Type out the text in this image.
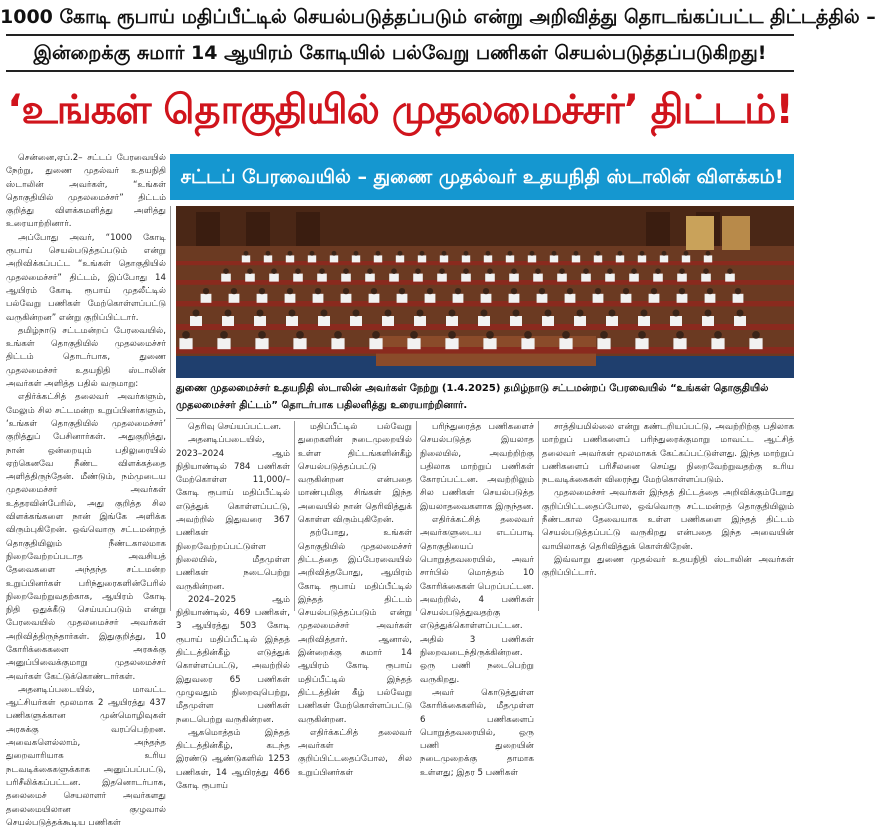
1000 கோடி ரூபாய் மதிப்பீட்டில் செயல்படுத்தப்படும் என்று அறிவித்து தொடங்கப்பட்ட திட்டத்தில் –
இன்றைக்கு சுமார் 14 ஆயிரம் கோடியில் பல்வேறு பணிகள் செயல்படுத்தப்படுகிறது!
‘உங்கள் தொகுதியில் முதலமைச்சர்’ திட்டம்!

சென்னை,ஏப்.2– சட்டப் பேரவையில் நேற்று, துணை முதல்வர் உதயநிதி ஸ்டாலின் அவர்கள், “உங்கள் தொகுதியில் முதலமைச்சர்” திட்டம் குறித்து விளக்கமளித்து அளித்து உரையாற்றினார்.

அப்போது அவர், “1000 கோடி ரூபாய் செயல்படுத்தப்படும் என்று அறிவிக்கப்பட்ட “உங்கள் தொகுதியில் முதலமைச்சர்” திட்டம், இப்போது 14 ஆயிரம் கோடி ரூபாய் முதலீட்டில் பல்வேறு பணிகள் மேற்கொள்ளப்பட்டு வருகின்றன” என்று குறிப்பிட்டார்.

தமிழ்நாடு சட்டமன்றப் பேரவையில், உங்கள் தொகுதியில் முதலமைச்சர் திட்டம் தொடர்பாக, துணை முதலமைச்சர் உதயநிதி ஸ்டாலின் அவர்கள் அளித்த பதில் வருமாறு:

எதிர்க்கட்சித் தலைவர் அவர்களும், மேலும் சில சட்டமன்ற உறுப்பினர்களும், ‘உங்கள் தொகுதியில் முதலமைச்சர்’ குறித்துப் பேசினார்கள். அதுகுறித்து, நான் ஒன்றையும் பதிலுரையில் ஏற்கெனவே நீண்ட விளக்கத்தை அளித்திருந்தேன். மீண்டும், நம்முடைய முதலமைச்சர் அவர்கள் உத்தரவின்பேரில், அது குறித்த சில விளக்கங்களை நான் இங்கே அளிக்க விரும்புகிறேன். ஒவ்வொரு சட்டமன்றத் தொகுதியிலும் நீண்டகாலமாக நிறைவேற்றப்படாத அவசியத் தேவைகளை அந்தந்த சட்டமன்ற உறுப்பினர்கள் பரிந்துரைகளின்பேரில் நிறைவேற்றுவதற்காக, ஆயிரம் கோடி நிதி ஒதுக்கீடு செய்யப்படும் என்று பேரவையில் முதலமைச்சர் அவர்கள் அறிவித்திருந்தார்கள். இதுகுறித்து, 10 கோரிக்கைகளை அரசுக்கு அனுப்பிவைக்குமாறு முதலமைச்சர் அவர்கள் கேட்டுக்கொண்டார்கள்.

அதனடிப்படையில், மாவட்ட ஆட்சியர்கள் மூலமாக 2 ஆயிரத்து 437 பணிகளுக்கான முன்மொழிவுகள் அரசுக்கு வரப்பெற்றன. அவைகளெல்லாம், அந்தந்த துறைவாரியாக உரிய நடவடிக்கைகளுக்காக அனுப்பப்பட்டு, பரிசீலிக்கப்பட்டன. இதனொடர்பாக, தலைமைச் செயலாளர் அவர்களது தலைமையிலான குழுவால் செயல்படுத்தக்கூடிய பணிகள்

சட்டப் பேரவையில் – துணை முதல்வர் உதயநிதி ஸ்டாலின் விளக்கம்!
துணை முதலமைச்சர் உதயநிதி ஸ்டாலின் அவர்கள் நேற்று (1.4.2025) தமிழ்நாடு சட்டமன்றப் பேரவையில் “உங்கள் தொகுதியில் முதலமைச்சர் திட்டம்” தொடர்பாக பதிலளித்து உரையாற்றினார்.

தெரிவு செய்யப்பட்டன.

அதனடிப்படையில், 2023–2024 ஆம் நிதியாண்டில் 784 பணிகள் மேற்கொள்ள 11,000/– கோடி ரூபாய் மதிப்பீட்டில் எடுத்துக் கொள்ளப்பட்டு, அவற்றில் இதுவரை 367 பணிகள் நிறைவேற்றப்பட்டுள்ள நிலையில், மீதமுள்ள பணிகள் நடைபெற்று வருகின்றன.

2024–2025 ஆம் நிதியாண்டில், 469 பணிகள், 3 ஆயிரத்து 503 கோடி ரூபாய் மதிப்பீட்டில் இந்தத் திட்டத்தின்கீழ் எடுத்துக் கொள்ளப்பட்டு, அவற்றில் இதுவரை 65 பணிகள் முழுவதும் நிறைவுபெற்று, மீதமுள்ள பணிகள் நடைபெற்று வருகின்றன.

ஆகமொத்தம் இந்தத் திட்டத்தின்கீழ், கடந்த இரண்டு ஆண்டுகளில் 1253 பணிகள், 14 ஆயிரத்து 466 கோடி ரூபாய்

மதிப்பீட்டில் பல்வேறு துறைகளின் நடைமுறையில் உள்ள திட்டங்களின்கீழ் செயல்படுத்தப்பட்டு வருகின்றன என்பதை மாண்புமிகு சிங்கள் இந்த அவையில் நான் தெரிவித்துக் கொள்ள விரும்புகிறேன்.

தற்போது, உங்கள் தொகுதியில் முதலமைச்சர் திட்டத்தை இப்பேரவையில் அறிவித்தபோது, ஆயிரம் கோடி ரூபாய் மதிப்பீட்டில் இந்தத் திட்டம் செயல்படுத்தப்படும் என்று முதலமைச்சர் அவர்கள் அறிவித்தார். ஆனால், இன்றைக்கு சுமார் 14 ஆயிரம் கோடி ரூபாய் மதிப்பீட்டில் இந்தத் திட்டத்தின் கீழ் பல்வேறு பணிகள் மேற்கொள்ளப்பட்டு வருகின்றன.

எதிர்க்கட்சித் தலைவர் அவர்கள் குறிப்பிட்டதைப்போல, சில உறுப்பினர்கள்

பரிந்துரைத்த பணிகளைச் செயல்படுத்த இயலாத நிலையில், அவற்றிற்கு பதிலாக மாற்றுப் பணிகள் கோரப்பட்டன. அவற்றிலும் சில பணிகள் செயல்படுத்த இயலாதவைகளாக இருந்தன.

எதிர்க்கட்சித் தலைவர் அவர்களுடைய எடப்பாடி தொகுதியைப் பொறுத்தவரையில், அவர் சார்பில் மொத்தம் 10 கோரிக்கைகள் பெறப்பட்டன. அவற்றில், 4 பணிகள் செயல்படுத்துவதற்கு எடுத்துக்கொள்ளப்பட்டன. அதில் 3 பணிகள் நிறைவடைந்திருக்கின்றன. ஒரு பணி நடைபெற்று வருகிறது.

அவர் கொடுத்துள்ள கோரிக்கைகளில், மீதமுள்ள 6 பணிகளைப் பொறுத்தவரையில், ஒரு பணி துறையின் நடைமுறைக்கு தாமாக உள்ளது; இதர 5 பணிகள்

சாத்தியமில்லை என்று கண்டறியப்பட்டு, அவற்றிற்கு பதிலாக மாற்றுப் பணிகளைப் பரிந்துரைக்குமாறு மாவட்ட ஆட்சித் தலைவர் அவர்கள் மூலமாகக் கேட்கப்பட்டுள்ளது. இந்த மாற்றுப் பணிகளைப் பரிசீலனை செய்து நிறைவேற்றுவதற்கு உரிய நடவடிக்கைகள் விரைந்து மேற்கொள்ளப்படும்.

முதலமைச்சர் அவர்கள் இந்தத் திட்டத்தை அறிவிக்கும்போது குறிப்பிட்டதைப்போல, ஒவ்வொரு சட்டமன்றத் தொகுதியிலும் நீண்டகால தேவையாக உள்ள பணிகளை இந்தத் திட்டம் செயல்படுத்தப்பட்டு வருகிறது என்பதை இந்த அவையின் வாயிலாகத் தெரிவித்துக் கொள்கிறேன்.

இவ்வாறு துணை முதல்வர் உதயநிதி ஸ்டாலின் அவர்கள் குறிப்பிட்டார்.
